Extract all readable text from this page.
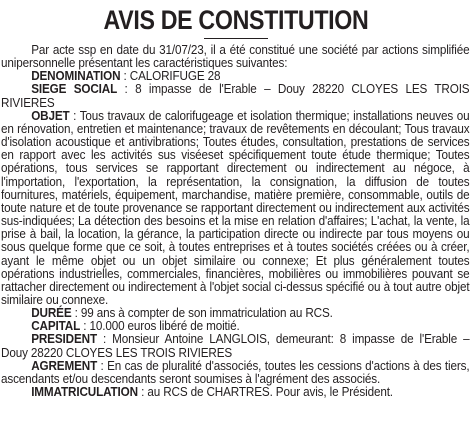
AVIS DE CONSTITUTION

Par acte ssp en date du 31/07/23, il a été constitué une société par actions simplifiée unipersonnelle présentant les caractéristiques suivantes:

DENOMINATION : CALORIFUGE 28

SIEGE SOCIAL : 8 impasse de l'Erable – Douy 28220 CLOYES LES TROIS RIVIERES

OBJET : Tous travaux de calorifugeage et isolation thermique; installations neuves ou en rénovation, entretien et maintenance; travaux de revêtements en découlant; Tous travaux d'isolation acoustique et antivibrations; Toutes études, consultation, prestations de services en rapport avec les activités sus viséeset spécifiquement toute étude thermique; Toutes opérations, tous services se rapportant directement ou indirectement au négoce, à l'importation, l'exportation, la représentation, la consignation, la diffusion de toutes fournitures, matériels, équipement, marchandise, matière première, consommable, outils de toute nature et de toute provenance se rapportant directement ou indirectement aux activités sus-indiquées; La détection des besoins et la mise en relation d'affaires; L'achat, la vente, la prise à bail, la location, la gérance, la participation directe ou indirecte par tous moyens ou sous quelque forme que ce soit, à toutes entreprises et à toutes sociétés créées ou à créer, ayant le même objet ou un objet similaire ou connexe; Et plus généralement toutes opérations industrielles, commerciales, financières, mobilières ou immobilières pouvant se rattacher directement ou indirectement à l'objet social ci-dessus spécifié ou à tout autre objet similaire ou connexe.

DURÉE : 99 ans à compter de son immatriculation au RCS.

CAPITAL : 10.000 euros libéré de moitié.

PRESIDENT : Monsieur Antoine LANGLOIS, demeurant: 8 impasse de l'Erable – Douy 28220 CLOYES LES TROIS RIVIERES

AGREMENT : En cas de pluralité d'associés, toutes les cessions d'actions à des tiers, ascendants et/ou descendants seront soumises à l'agrément des associés.

IMMATRICULATION : au RCS de CHARTRES. Pour avis, le Président.
